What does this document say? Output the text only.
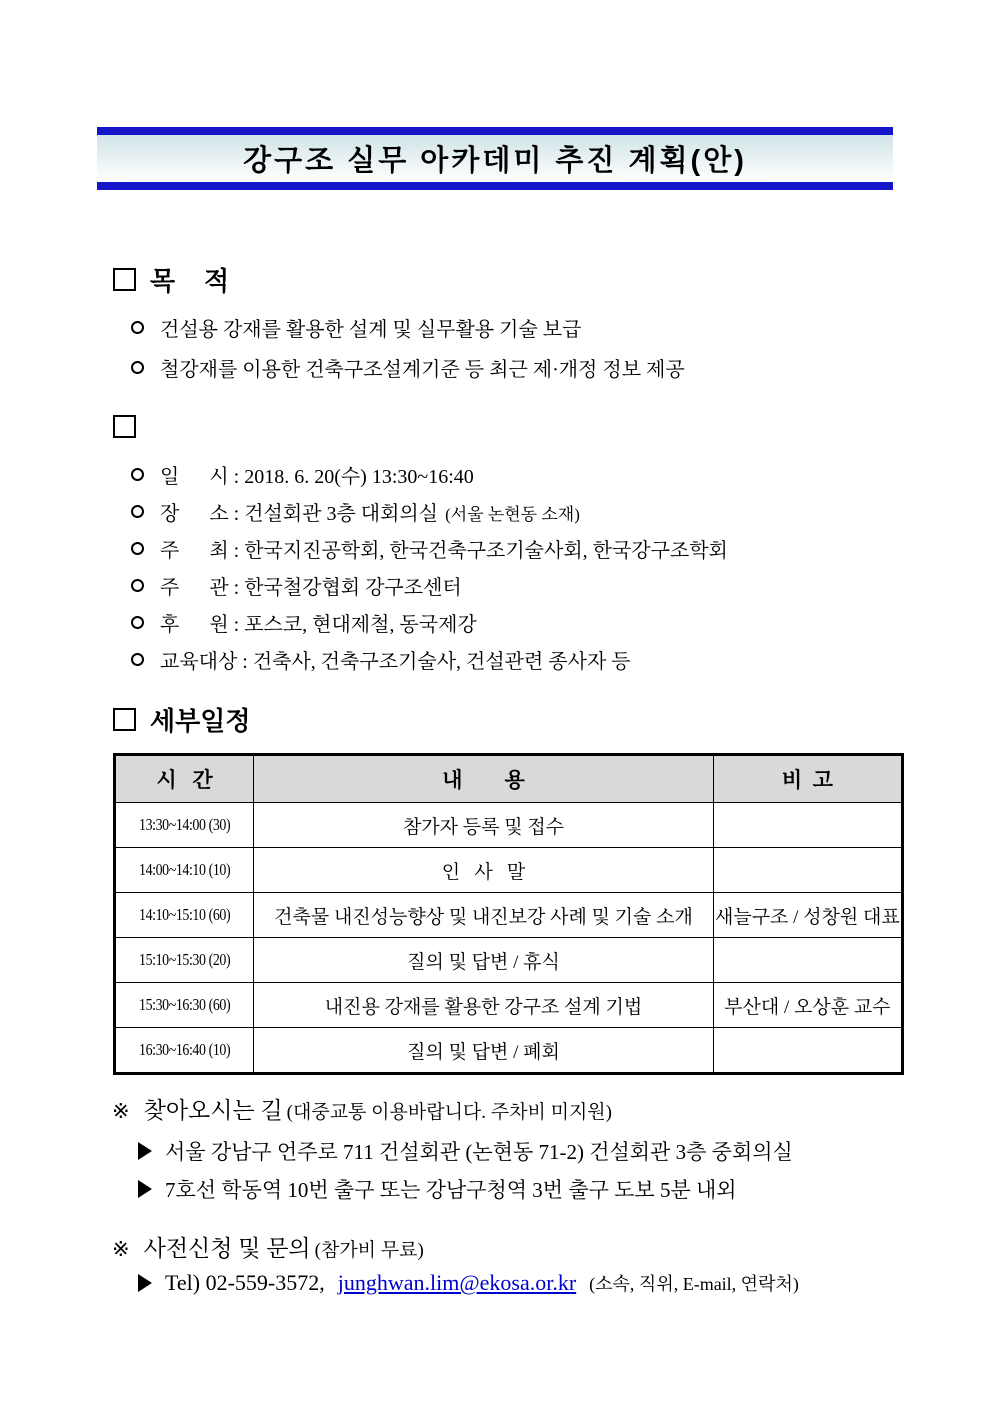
강구조 실무 아카데미 추진 계획(안)
목    적
건설용 강재를 활용한 설계 및 실무활용 기술 보급
철강재를 이용한 건축구조설계기준 등 최근 제·개정 정보 제공
일      시 : 2018. 6. 20(수) 13:30~16:40
장      소 : 건설회관 3층 대회의실 (서울 논현동 소재)
주      최 : 한국지진공학회, 한국건축구조기술사회, 한국강구조학회
주      관 : 한국철강협회 강구조센터
후      원 : 포스코, 현대제철, 동국제강
교육대상 : 건축사, 건축구조기술사, 건설관련 종사자 등
세부일정
시   간	내        용	비  고
13:30~14:00 (30)	참가자 등록 및 접수	
14:00~14:10 (10)	인   사   말	
14:10~15:10 (60)	건축물 내진성능향상 및 내진보강 사례 및 기술 소개	새늘구조 / 성창원 대표
15:10~15:30 (20)	질의 및 답변 / 휴식	
15:30~16:30 (60)	내진용 강재를 활용한 강구조 설계 기법	부산대 / 오상훈 교수
16:30~16:40 (10)	질의 및 답변 / 폐회	
※ 찾아오시는 길 (대중교통 이용바랍니다. 주차비 미지원)
서울 강남구 언주로 711 건설회관 (논현동 71-2) 건설회관 3층 중회의실
7호선 학동역 10번 출구 또는 강남구청역 3번 출구 도보 5분 내외
※ 사전신청 및 문의 (참가비 무료)
Tel) 02-559-3572, junghwan.lim@ekosa.or.kr (소속, 직위, E-mail, 연락처)
